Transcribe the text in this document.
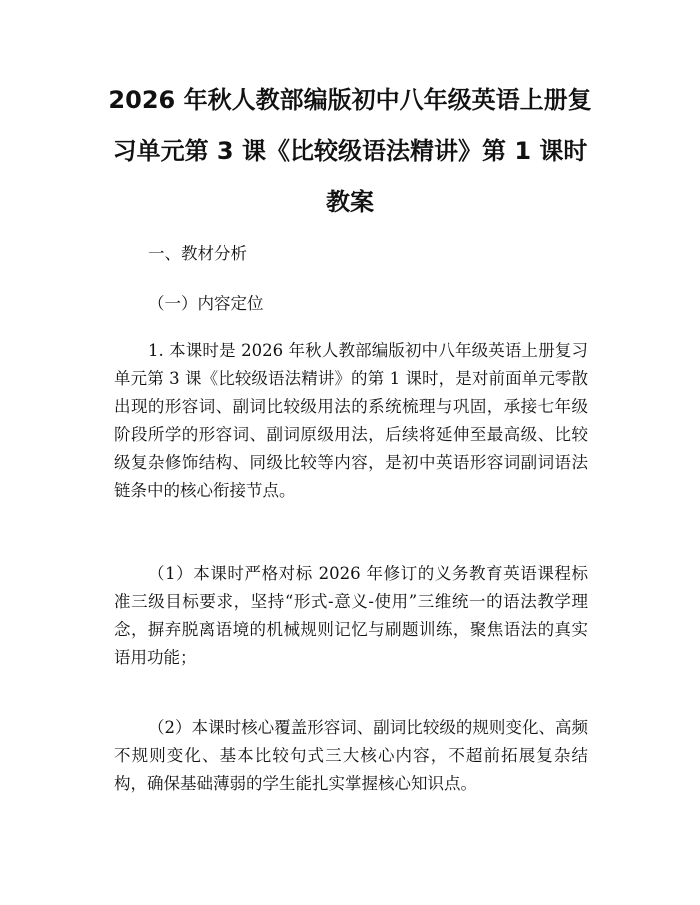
2026 年秋人教部编版初中八年级英语上册复
习单元第 3 课《比较级语法精讲》第 1 课时
教案
一、教材分析
（一）内容定位

1. 本课时是 2026 年秋人教部编版初中八年级英语上册复习单元第 3 课《比较级语法精讲》的第 1 课时，是对前面单元零散出现的形容词、副词比较级用法的系统梳理与巩固，承接七年级阶段所学的形容词、副词原级用法，后续将延伸至最高级、比较级复杂修饰结构、同级比较等内容，是初中英语形容词副词语法链条中的核心衔接节点。

（1）本课时严格对标 2026 年修订的义务教育英语课程标准三级目标要求，坚持“形式-意义-使用”三维统一的语法教学理念，摒弃脱离语境的机械规则记忆与刷题训练，聚焦语法的真实语用功能；

（2）本课时核心覆盖形容词、副词比较级的规则变化、高频不规则变化、基本比较句式三大核心内容，不超前拓展复杂结构，确保基础薄弱的学生能扎实掌握核心知识点。
